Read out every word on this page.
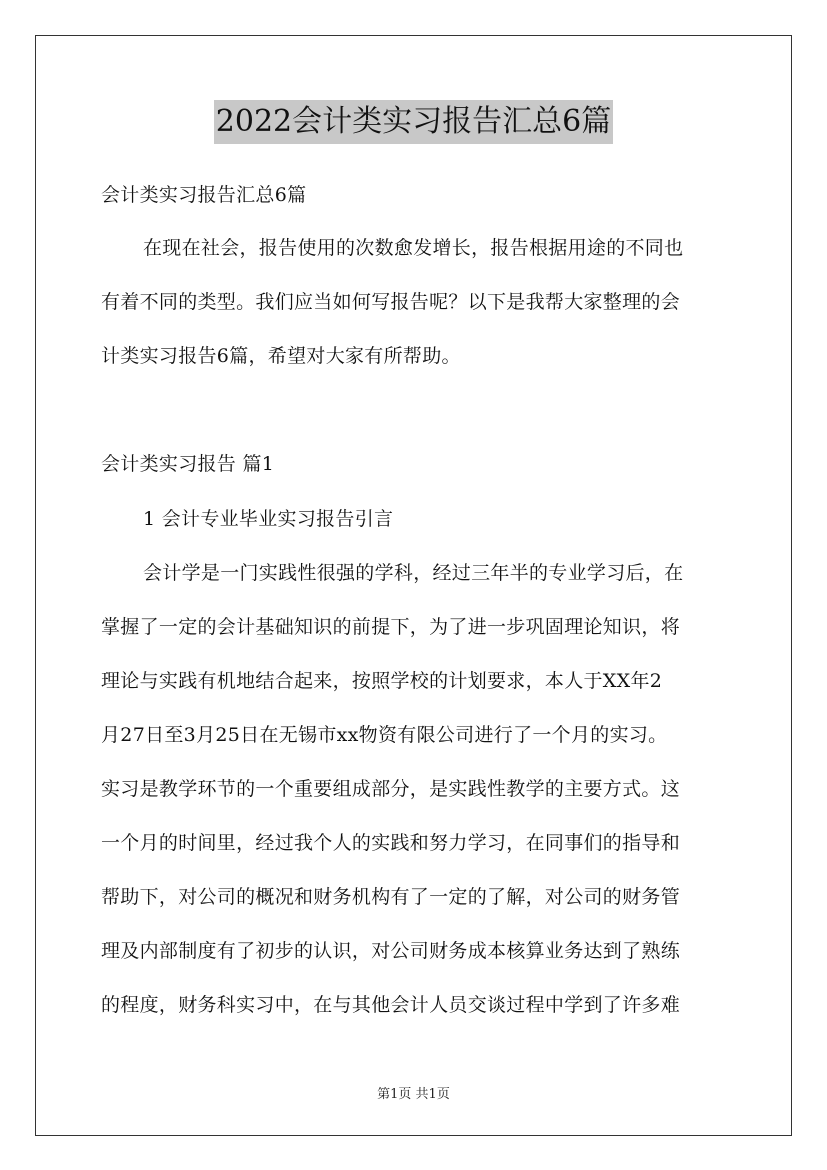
2022会计类实习报告汇总6篇
会计类实习报告汇总6篇
在现在社会，报告使用的次数愈发增长，报告根据用途的不同也
有着不同的类型。我们应当如何写报告呢？以下是我帮大家整理的会
计类实习报告6篇，希望对大家有所帮助。
会计类实习报告 篇1
1 会计专业毕业实习报告引言
会计学是一门实践性很强的学科，经过三年半的专业学习后，在
掌握了一定的会计基础知识的前提下，为了进一步巩固理论知识，将
理论与实践有机地结合起来，按照学校的计划要求，本人于XX年2
月27日至3月25日在无锡市xx物资有限公司进行了一个月的实习。
实习是教学环节的一个重要组成部分，是实践性教学的主要方式。这
一个月的时间里，经过我个人的实践和努力学习，在同事们的指导和
帮助下，对公司的概况和财务机构有了一定的了解，对公司的财务管
理及内部制度有了初步的认识，对公司财务成本核算业务达到了熟练
的程度，财务科实习中，在与其他会计人员交谈过程中学到了许多难
第1页 共1页
